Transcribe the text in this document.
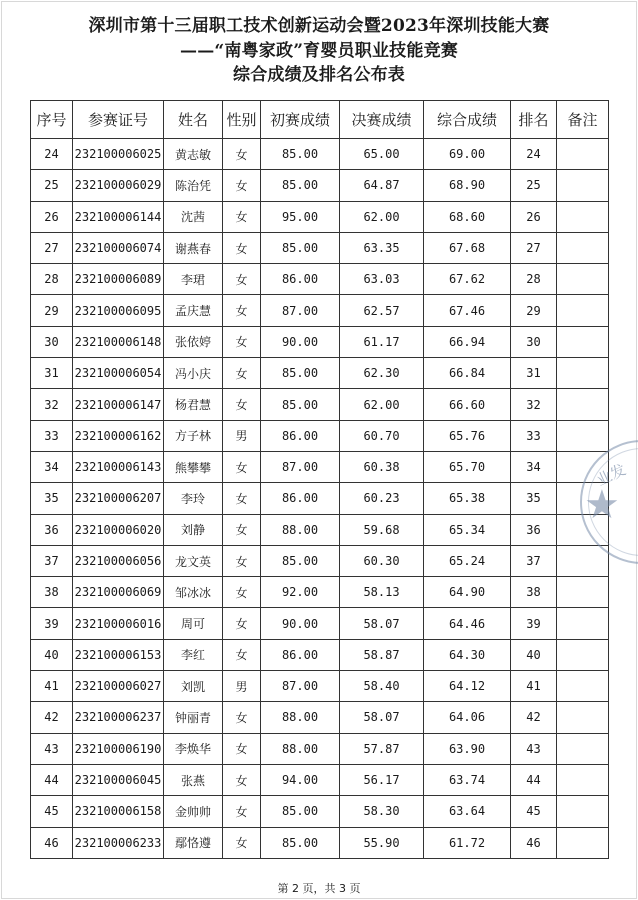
深圳市第十三届职工技术创新运动会暨2023年深圳技能大赛
——“南粤家政”育婴员职业技能竞赛
综合成绩及排名公布表
序号	参赛证号	姓名	性别	初赛成绩	决赛成绩	综合成绩	排名	备注
24	232100006025	黄志敏	女	85.00	65.00	69.00	24	
25	232100006029	陈治凭	女	85.00	64.87	68.90	25	
26	232100006144	沈茜	女	95.00	62.00	68.60	26	
27	232100006074	谢燕春	女	85.00	63.35	67.68	27	
28	232100006089	李珺	女	86.00	63.03	67.62	28	
29	232100006095	孟庆慧	女	87.00	62.57	67.46	29	
30	232100006148	张依婷	女	90.00	61.17	66.94	30	
31	232100006054	冯小庆	女	85.00	62.30	66.84	31	
32	232100006147	杨君慧	女	85.00	62.00	66.60	32	
33	232100006162	方子林	男	86.00	60.70	65.76	33	
34	232100006143	熊攀攀	女	87.00	60.38	65.70	34	
35	232100006207	李玲	女	86.00	60.23	65.38	35	
36	232100006020	刘静	女	88.00	59.68	65.34	36	
37	232100006056	龙文英	女	85.00	60.30	65.24	37	
38	232100006069	邹冰冰	女	92.00	58.13	64.90	38	
39	232100006016	周可	女	90.00	58.07	64.46	39	
40	232100006153	李红	女	86.00	58.87	64.30	40	
41	232100006027	刘凯	男	87.00	58.40	64.12	41	
42	232100006237	钟丽青	女	88.00	58.07	64.06	42	
43	232100006190	李焕华	女	88.00	57.87	63.90	43	
44	232100006045	张燕	女	94.00	56.17	63.74	44	
45	232100006158	金帅帅	女	85.00	58.30	63.64	45	
46	232100006233	鄢恪遵	女	85.00	55.90	61.72	46	
业发
★
第 2 页，共 3 页
